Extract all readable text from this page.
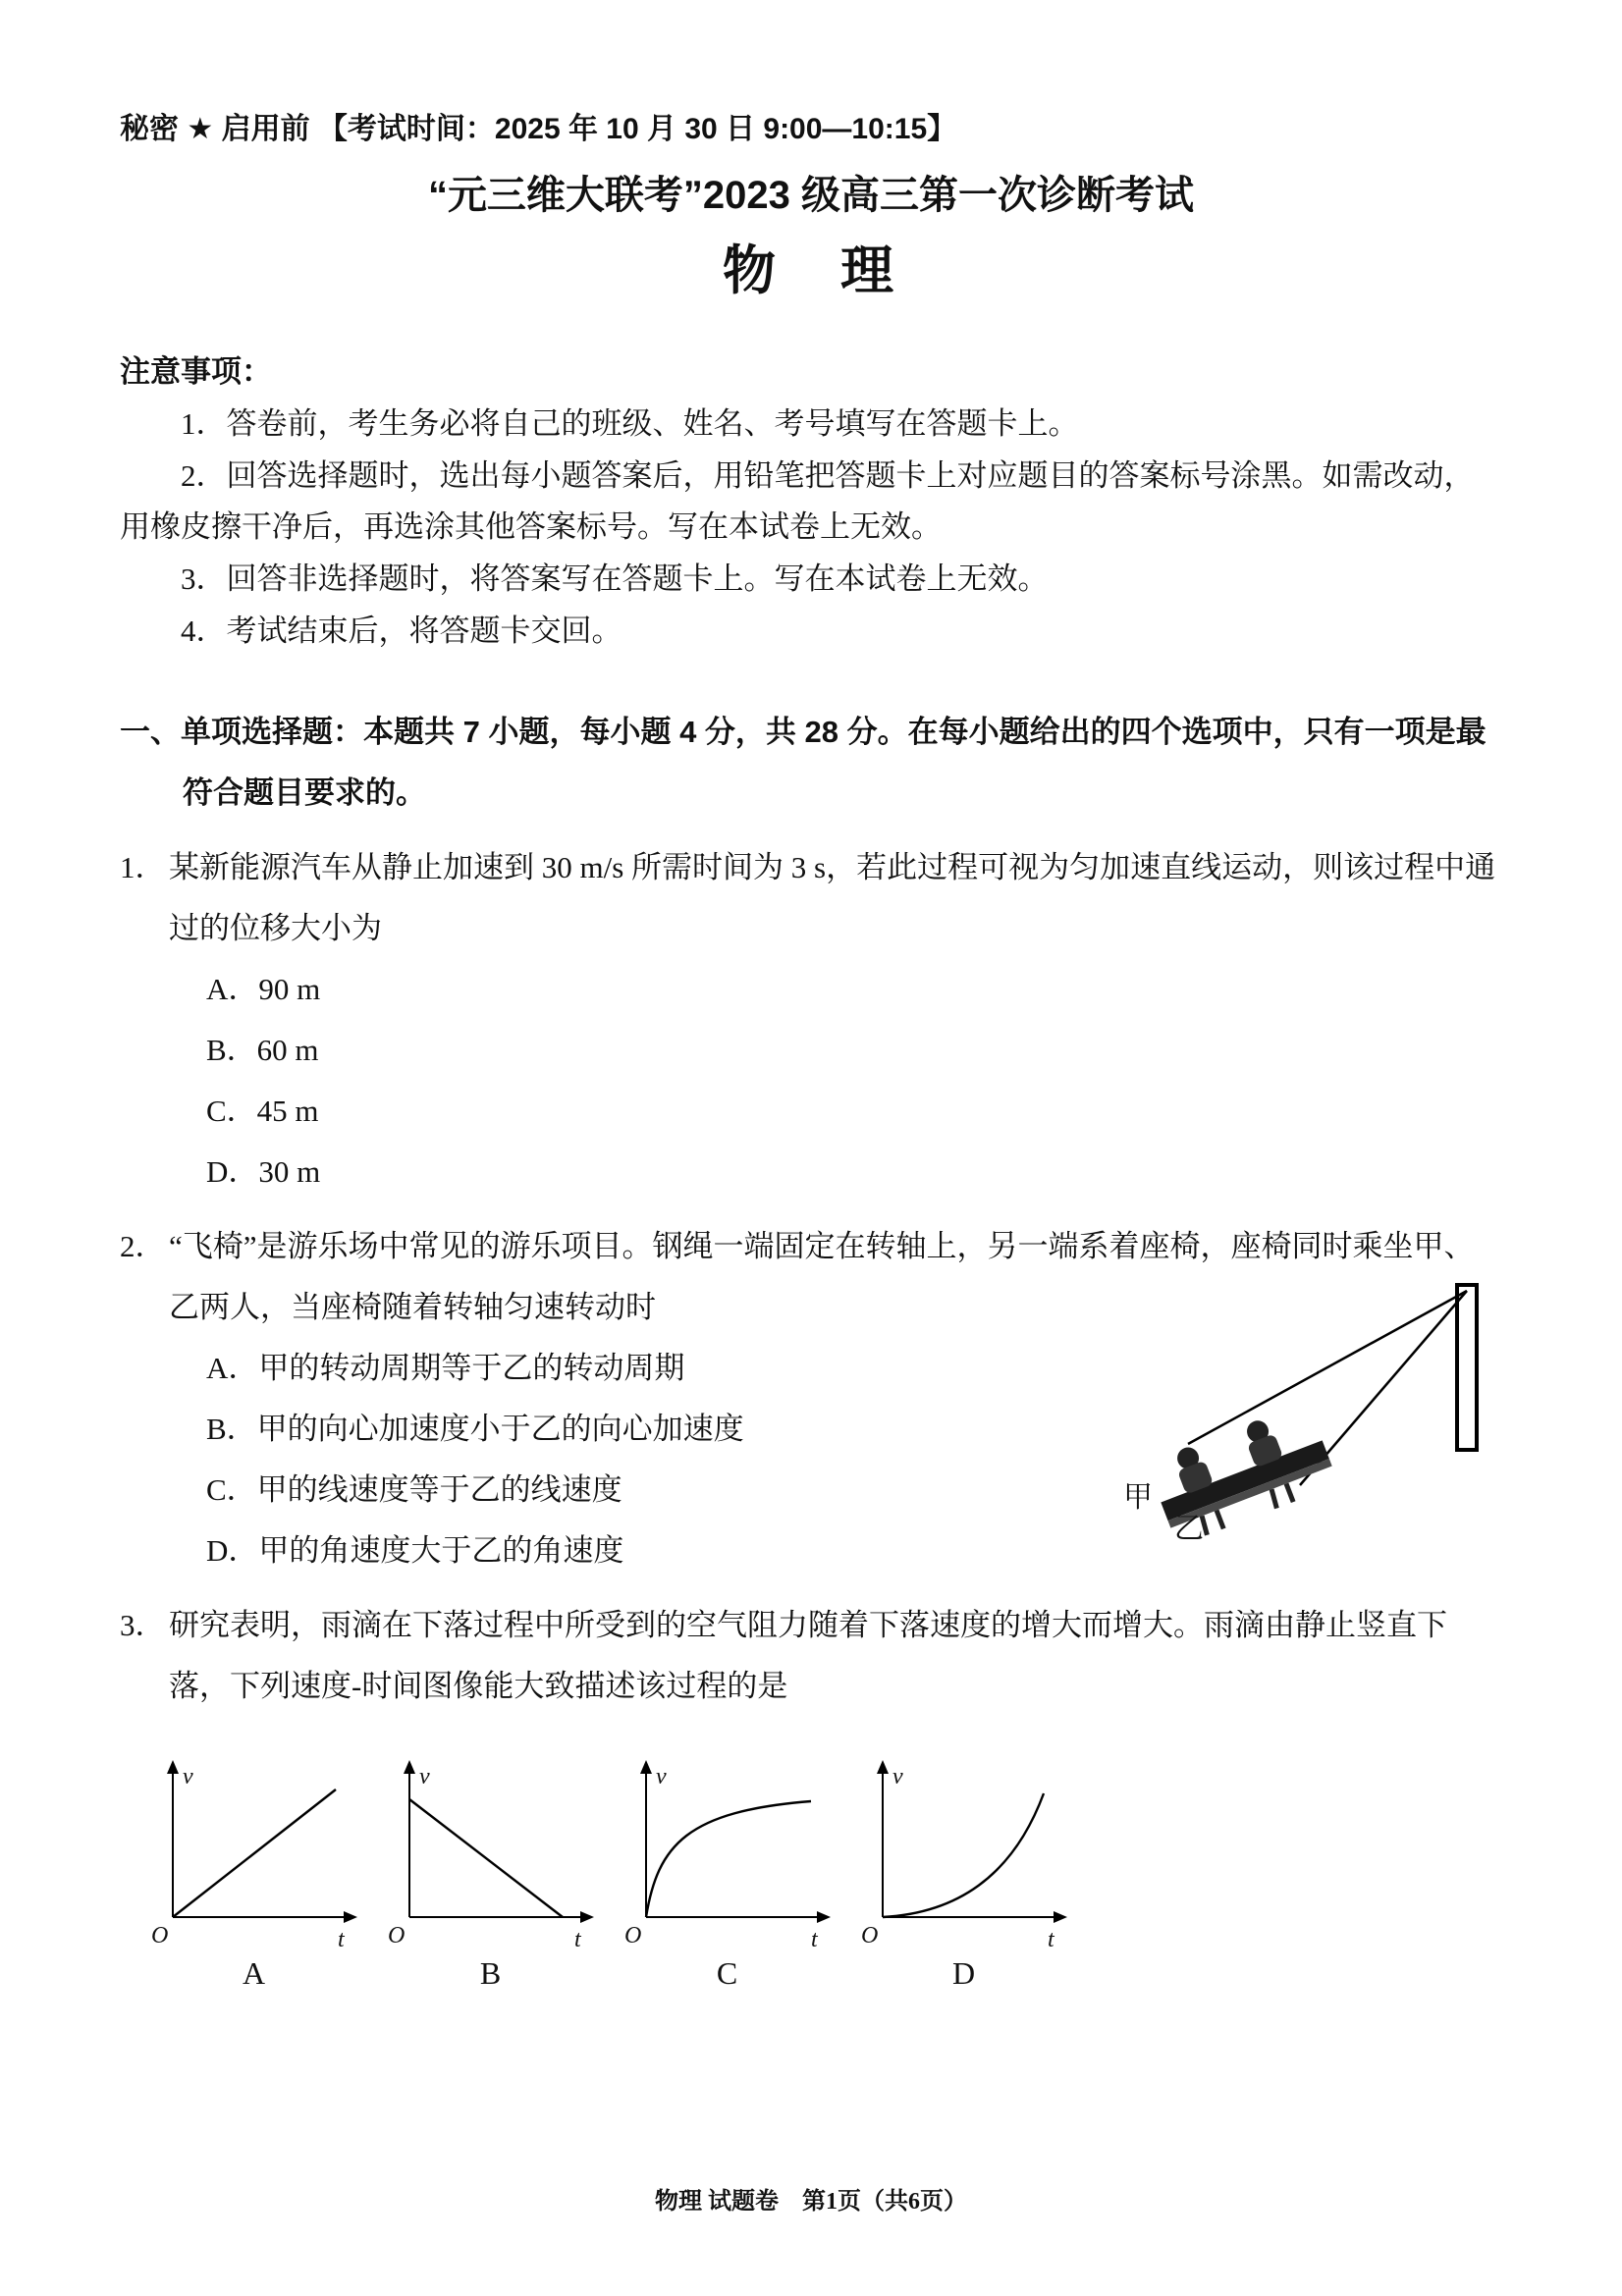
秘密 ★ 启用前 【考试时间：2025 年 10 月 30 日 9:00—10:15】
“元三维大联考”2023 级高三第一次诊断考试
物　理
注意事项：

1．答卷前，考生务必将自己的班级、姓名、考号填写在答题卡上。

2．回答选择题时，选出每小题答案后，用铅笔把答题卡上对应题目的答案标号涂黑。如需改动，用橡皮擦干净后，再选涂其他答案标号。写在本试卷上无效。

3．回答非选择题时，将答案写在答题卡上。写在本试卷上无效。

4．考试结束后，将答题卡交回。

一、单项选择题：本题共 7 小题，每小题 4 分，共 28 分。在每小题给出的四个选项中，只有一项是最符合题目要求的。

1． 某新能源汽车从静止加速到 30 m/s 所需时间为 3 s，若此过程可视为匀加速直线运动，则该过程中通过的位移大小为

A．90 m

B．60 m

C．45 m

D．30 m

2． “飞椅”是游乐场中常见的游乐项目。钢绳一端固定在转轴上，另一端系着座椅，座椅同时乘坐甲、乙两人，当座椅随着转轴匀速转动时

A．甲的转动周期等于乙的转动周期

B．甲的向心加速度小于乙的向心加速度

C．甲的线速度等于乙的线速度

D．甲的角速度大于乙的角速度

甲
乙

3． 研究表明，雨滴在下落过程中所受到的空气阻力随着下落速度的增大而增大。雨滴由静止竖直下落，下列速度-时间图像能大致描述该过程的是

v
t
O
A
v
t
O
B
v
t
O
C
v
t
O
D
物理 试题卷　第1页（共6页）
